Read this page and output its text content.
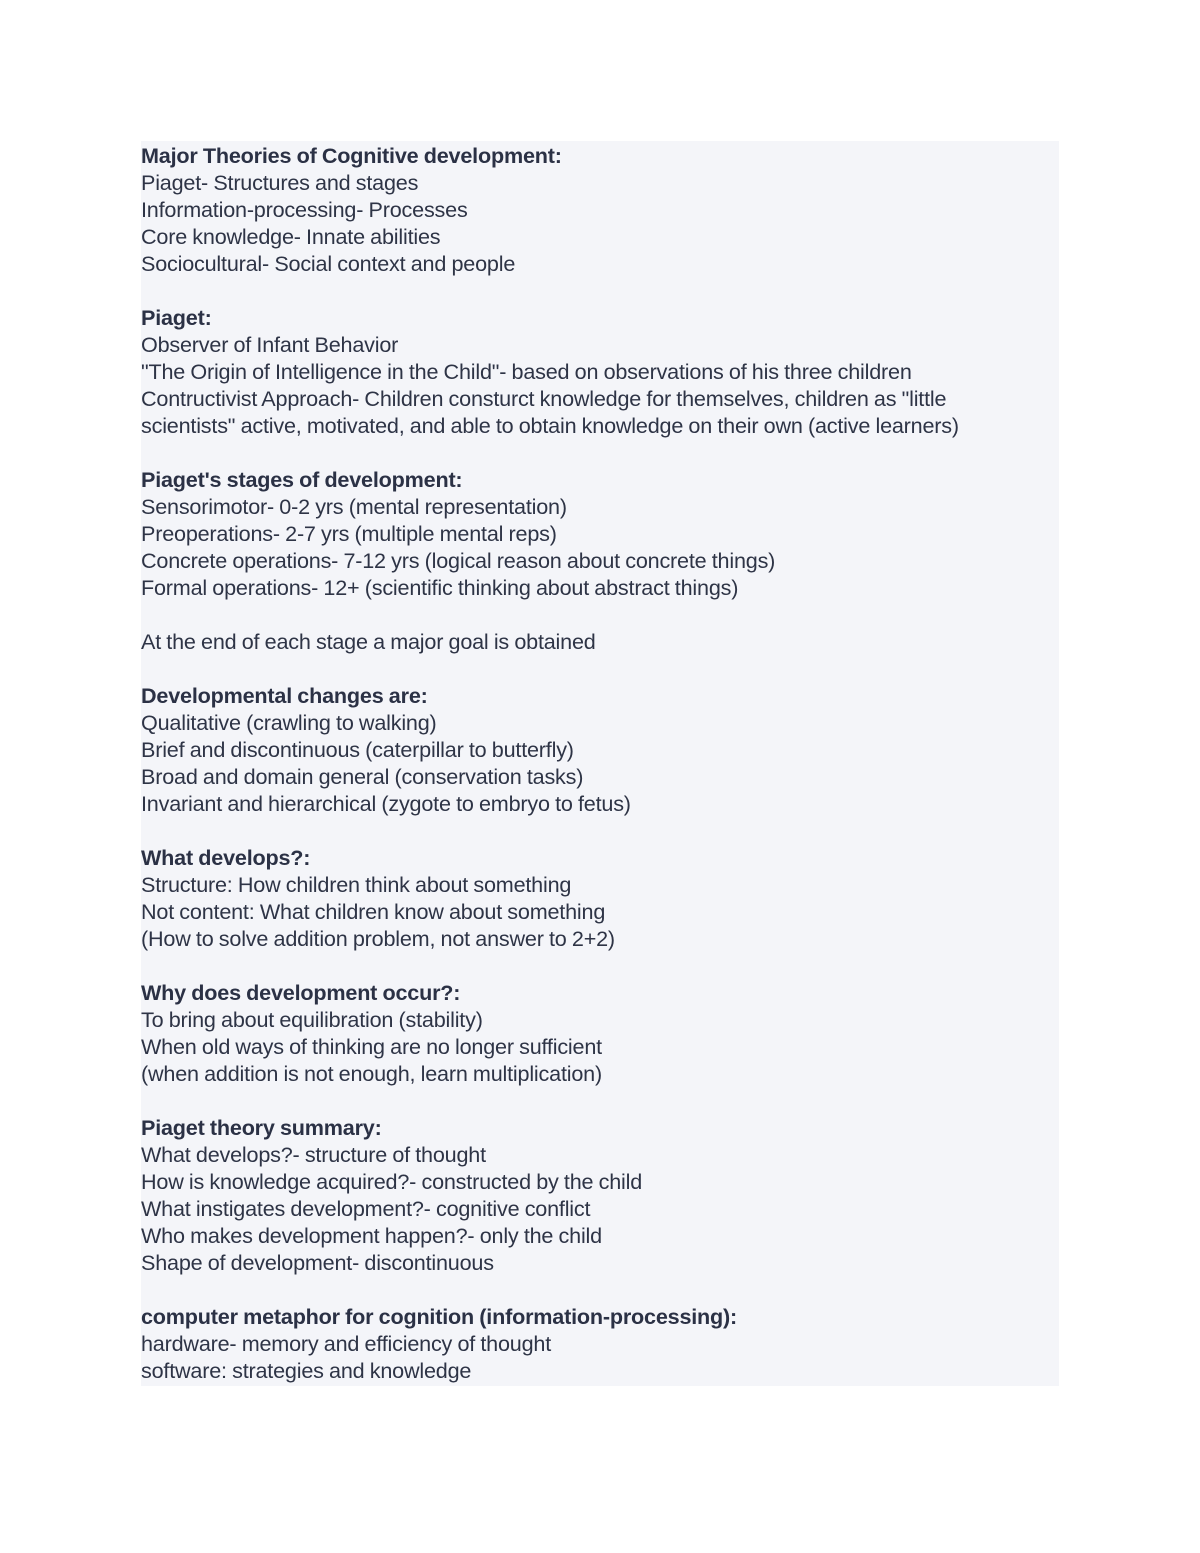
Major Theories of Cognitive development:
Piaget- Structures and stages
Information-processing- Processes
Core knowledge- Innate abilities
Sociocultural- Social context and people
Piaget:
Observer of Infant Behavior
"The Origin of Intelligence in the Child"- based on observations of his three children
Contructivist Approach- Children consturct knowledge for themselves, children as "little
scientists" active, motivated, and able to obtain knowledge on their own (active learners)
Piaget's stages of development:
Sensorimotor- 0-2 yrs (mental representation)
Preoperations- 2-7 yrs (multiple mental reps)
Concrete operations- 7-12 yrs (logical reason about concrete things)
Formal operations- 12+ (scientific thinking about abstract things)
At the end of each stage a major goal is obtained
Developmental changes are:
Qualitative (crawling to walking)
Brief and discontinuous (caterpillar to butterfly)
Broad and domain general (conservation tasks)
Invariant and hierarchical (zygote to embryo to fetus)
What develops?:
Structure: How children think about something
Not content: What children know about something
(How to solve addition problem, not answer to 2+2)
Why does development occur?:
To bring about equilibration (stability)
When old ways of thinking are no longer sufficient
(when addition is not enough, learn multiplication)
Piaget theory summary:
What develops?- structure of thought
How is knowledge acquired?- constructed by the child
What instigates development?- cognitive conflict
Who makes development happen?- only the child
Shape of development- discontinuous
computer metaphor for cognition (information-processing):
hardware- memory and efficiency of thought
software: strategies and knowledge
